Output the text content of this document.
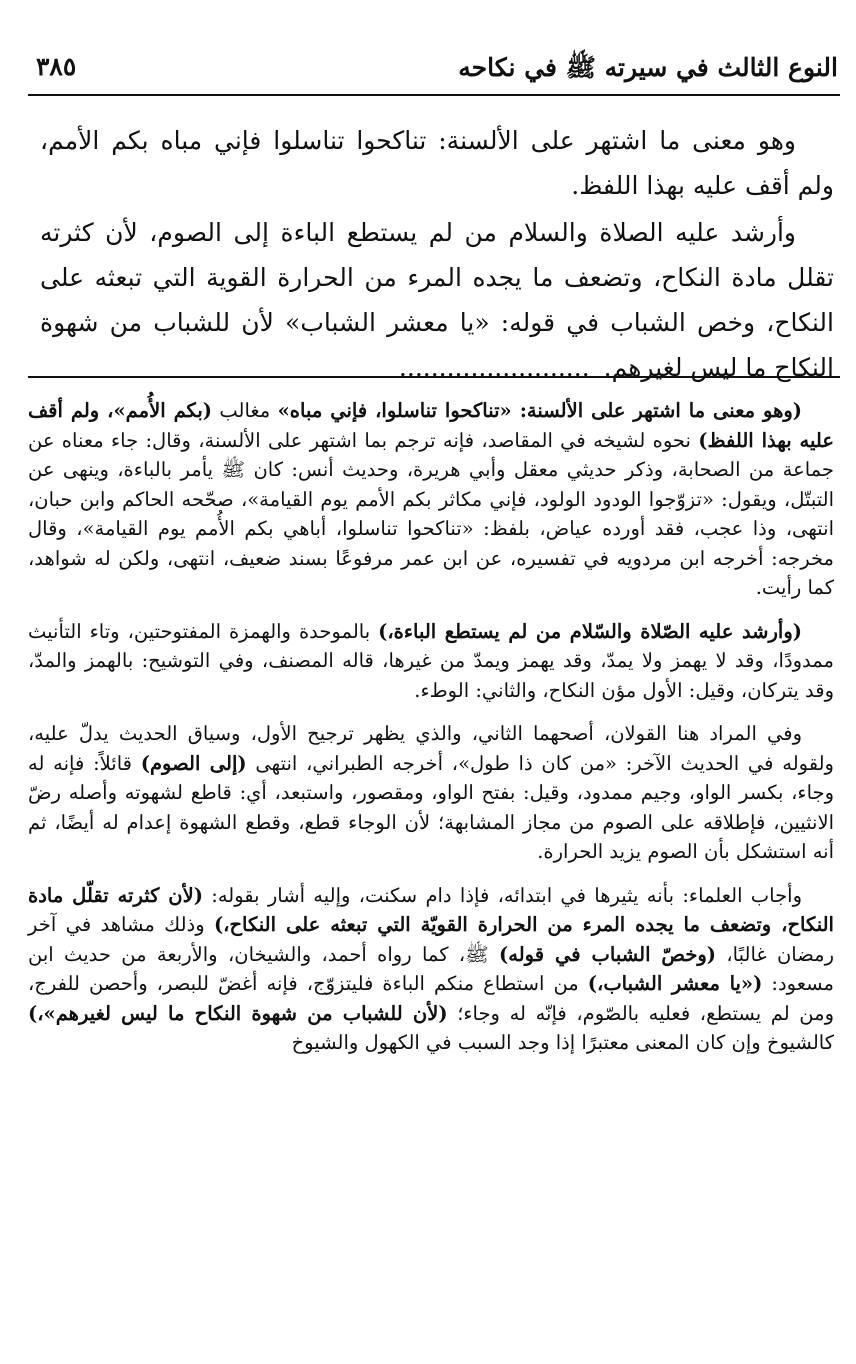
النوع الثالث في سيرته ﷺ في نكاحه
٣٨٥

وهو معنى ما اشتهر على الألسنة: تناكحوا تناسلوا فإني مباه بكم الأمم، ولم أقف عليه بهذا اللفظ.

وأرشد عليه الصلاة والسلام من لم يستطع الباءة إلى الصوم، لأن كثرته تقلل مادة النكاح، وتضعف ما يجده المرء من الحرارة القوية التي تبعثه على النكاح، وخص الشباب في قوله: «يا معشر الشباب» لأن للشباب من شهوة النكاح ما ليس لغيرهم.........................

(وهو معنى ما اشتهر على الألسنة: «تناكحوا تناسلوا، فإني مباه» مغالب (بكم الأُمم»، ولم أقف عليه بهذا اللفظ) نحوه لشيخه في المقاصد، فإنه ترجم بما اشتهر على الألسنة، وقال: جاء معناه عن جماعة من الصحابة، وذكر حديثي معقل وأبي هريرة، وحديث أنس: كان ﷺ يأمر بالباءة، وينهى عن التبتّل، ويقول: «تزوّجوا الودود الولود، فإني مكاثر بكم الأمم يوم القيامة»، صحّحه الحاكم وابن حبان، انتهى، وذا عجب، فقد أورده عياض، بلفظ: «تناكحوا تناسلوا، أباهي بكم الأُمم يوم القيامة»، وقال مخرجه: أخرجه ابن مردويه في تفسيره، عن ابن عمر مرفوعًا بسند ضعيف، انتهى، ولكن له شواهد، كما رأيت.

(وأرشد عليه الصّلاة والسّلام من لم يستطع الباءة،) بالموحدة والهمزة المفتوحتين، وتاء التأنيث ممدودًا، وقد لا يهمز ولا يمدّ، وقد يهمز ويمدّ من غيرها، قاله المصنف، وفي التوشيح: بالهمز والمدّ، وقد يتركان، وقيل: الأول مؤن النكاح، والثاني: الوطء.

وفي المراد هنا القولان، أصحهما الثاني، والذي يظهر ترجيح الأول، وسياق الحديث يدلّ عليه، ولقوله في الحديث الآخر: «من كان ذا طول»، أخرجه الطبراني، انتهى (إلى الصوم) قائلاً: فإنه له وجاء، بكسر الواو، وجيم ممدود، وقيل: بفتح الواو، ومقصور، واستبعد، أي: قاطع لشهوته وأصله رضّ الانثيين، فإطلاقه على الصوم من مجاز المشابهة؛ لأن الوجاء قطع، وقطع الشهوة إعدام له أيضًا، ثم أنه استشكل بأن الصوم يزيد الحرارة.

وأجاب العلماء: بأنه يثيرها في ابتدائه، فإذا دام سكنت، وإليه أشار بقوله: (لأن كثرته تقلّل مادة النكاح، وتضعف ما يجده المرء من الحرارة القويّة التي تبعثه على النكاح،) وذلك مشاهد في آخر رمضان غالبًا، (وخصّ الشباب في قوله) ﷺ، كما رواه أحمد، والشيخان، والأربعة من حديث ابن مسعود: («يا معشر الشباب،) من استطاع منكم الباءة فليتزوّج، فإنه أغضّ للبصر، وأحصن للفرج، ومن لم يستطع، فعليه بالصّوم، فإنّه له وجاء؛ (لأن للشباب من شهوة النكاح ما ليس لغيرهم»،) كالشيوخ وإن كان المعنى معتبرًا إذا وجد السبب في الكهول والشيوخ
